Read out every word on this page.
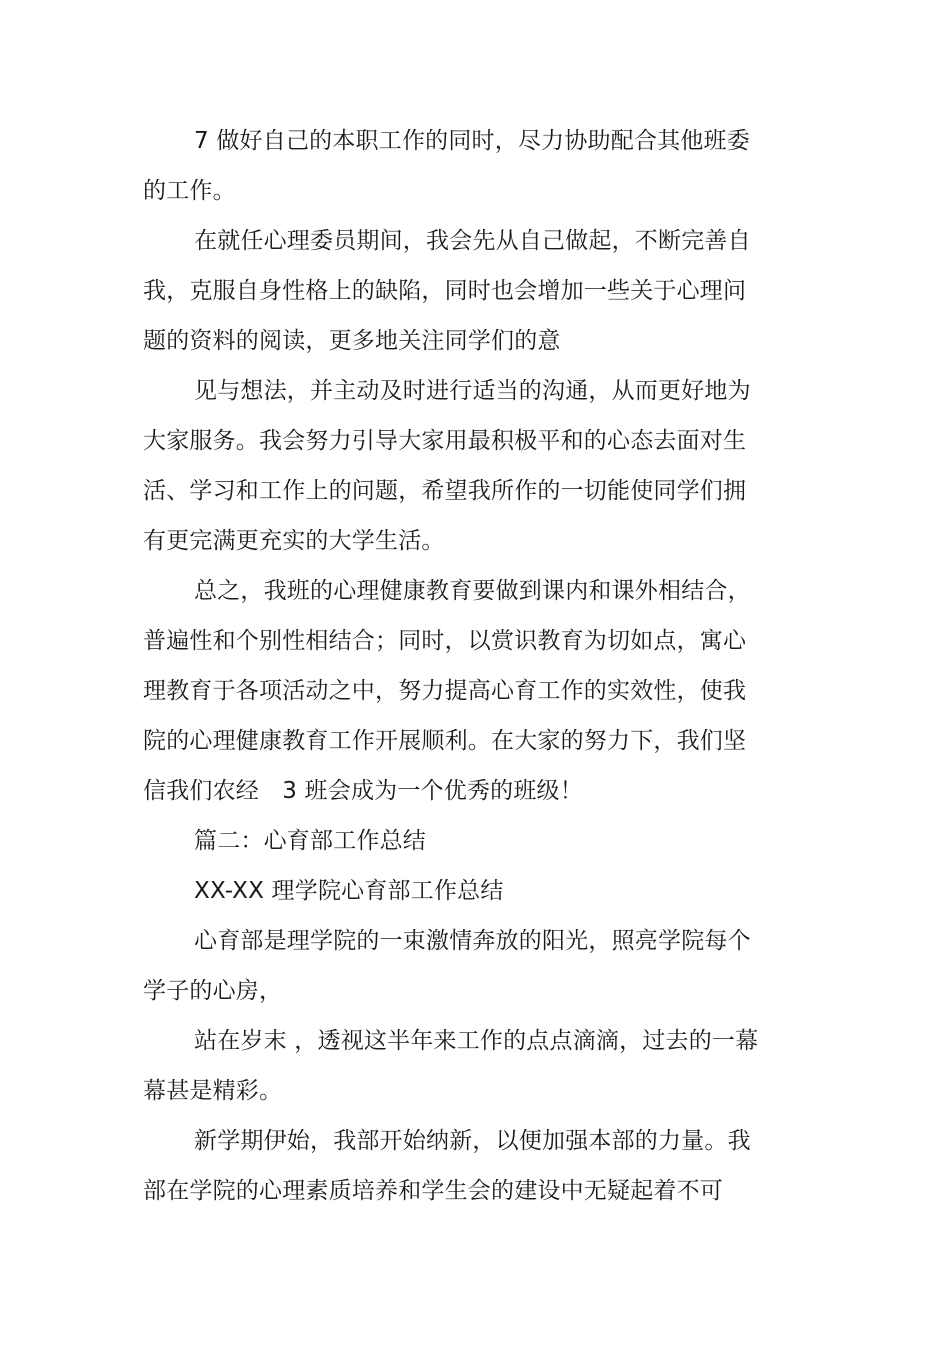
7 做好自己的本职工作的同时，尽力协助配合其他班委
的工作。
在就任心理委员期间，我会先从自己做起，不断完善自
我，克服自身性格上的缺陷，同时也会增加一些关于心理问
题的资料的阅读，更多地关注同学们的意
见与想法，并主动及时进行适当的沟通，从而更好地为
大家服务。我会努力引导大家用最积极平和的心态去面对生
活、学习和工作上的问题，希望我所作的一切能使同学们拥
有更完满更充实的大学生活。
总之，我班的心理健康教育要做到课内和课外相结合，
普遍性和个别性相结合；同时，以赏识教育为切如点，寓心
理教育于各项活动之中，努力提高心育工作的实效性，使我
院的心理健康教育工作开展顺利。在大家的努力下，我们坚
信我们农经　3 班会成为一个优秀的班级！
篇二：心育部工作总结
XX-XX 理学院心育部工作总结
心育部是理学院的一束激情奔放的阳光，照亮学院每个
学子的心房，
站在岁末 ，透视这半年来工作的点点滴滴，过去的一幕
幕甚是精彩。
新学期伊始，我部开始纳新，以便加强本部的力量。我
部在学院的心理素质培养和学生会的建设中无疑起着不可
